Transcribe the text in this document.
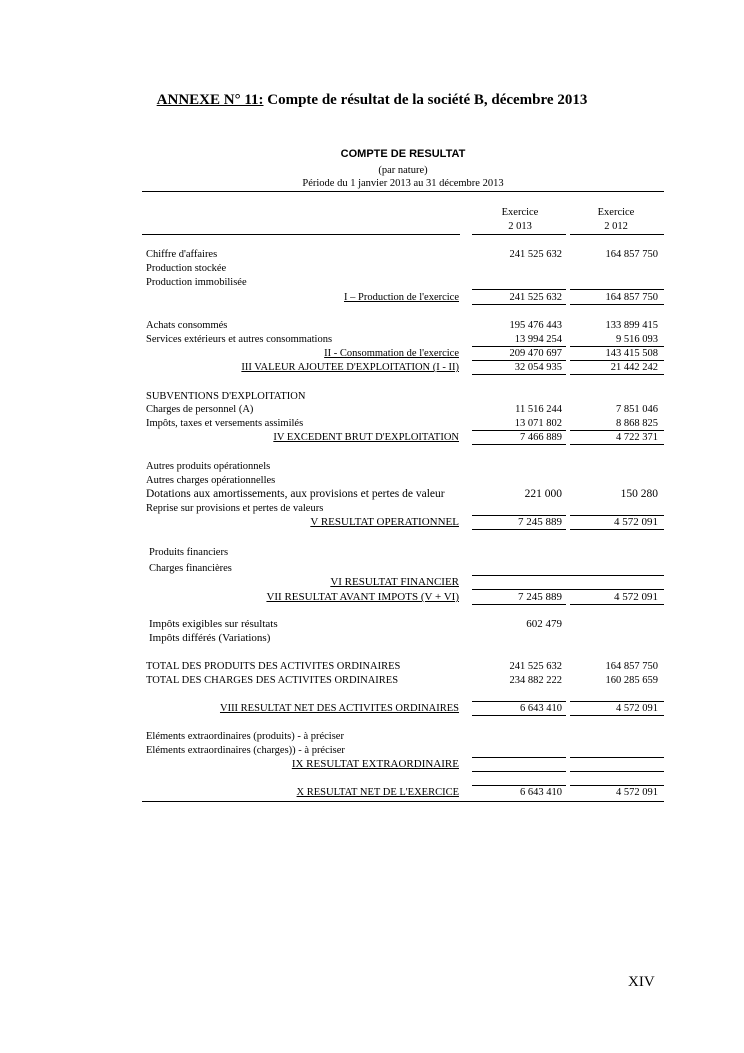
ANNEXE N° 11: Compte de résultat de la société B, décembre 2013
COMPTE DE RESULTAT
(par nature)
Période du 1 janvier 2013 au 31 décembre 2013
Exercice
2 013
Exercice
2 012
Chiffre d'affaires	241 525 632	164 857 750
Production stockée
Production immobilisée
I – Production de l'exercice	241 525 632	164 857 750
Achats consommés	195 476 443	133 899 415
Services extérieurs et autres consommations	13 994 254	9 516 093
II - Consommation de l'exercice	209 470 697	143 415 508
III VALEUR AJOUTEE D'EXPLOITATION (I - II)	32 054 935	21 442 242
SUBVENTIONS D'EXPLOITATION
Charges de personnel (A)	11 516 244	7 851 046
Impôts, taxes et versements assimilés	13 071 802	8 868 825
IV EXCEDENT BRUT D'EXPLOITATION	7 466 889	4 722 371
Autres produits opérationnels
Autres charges opérationnelles
Dotations aux amortissements, aux provisions et pertes de valeur	221 000	150 280
Reprise sur provisions et pertes de valeurs
V RESULTAT OPERATIONNEL	7 245 889	4 572 091
Produits financiers
Charges financières
VI RESULTAT FINANCIER
VII RESULTAT AVANT IMPOTS (V + VI)	7 245 889	4 572 091
Impôts exigibles sur résultats	602 479
Impôts différés (Variations)
TOTAL DES PRODUITS DES ACTIVITES ORDINAIRES	241 525 632	164 857 750
TOTAL DES CHARGES DES ACTIVITES ORDINAIRES	234 882 222	160 285 659
VIII RESULTAT NET DES ACTIVITES ORDINAIRES	6 643 410	4 572 091
Eléments extraordinaires (produits) - à préciser
Eléments extraordinaires (charges)) - à préciser
IX RESULTAT EXTRAORDINAIRE
X RESULTAT NET DE L'EXERCICE	6 643 410	4 572 091
XIV
